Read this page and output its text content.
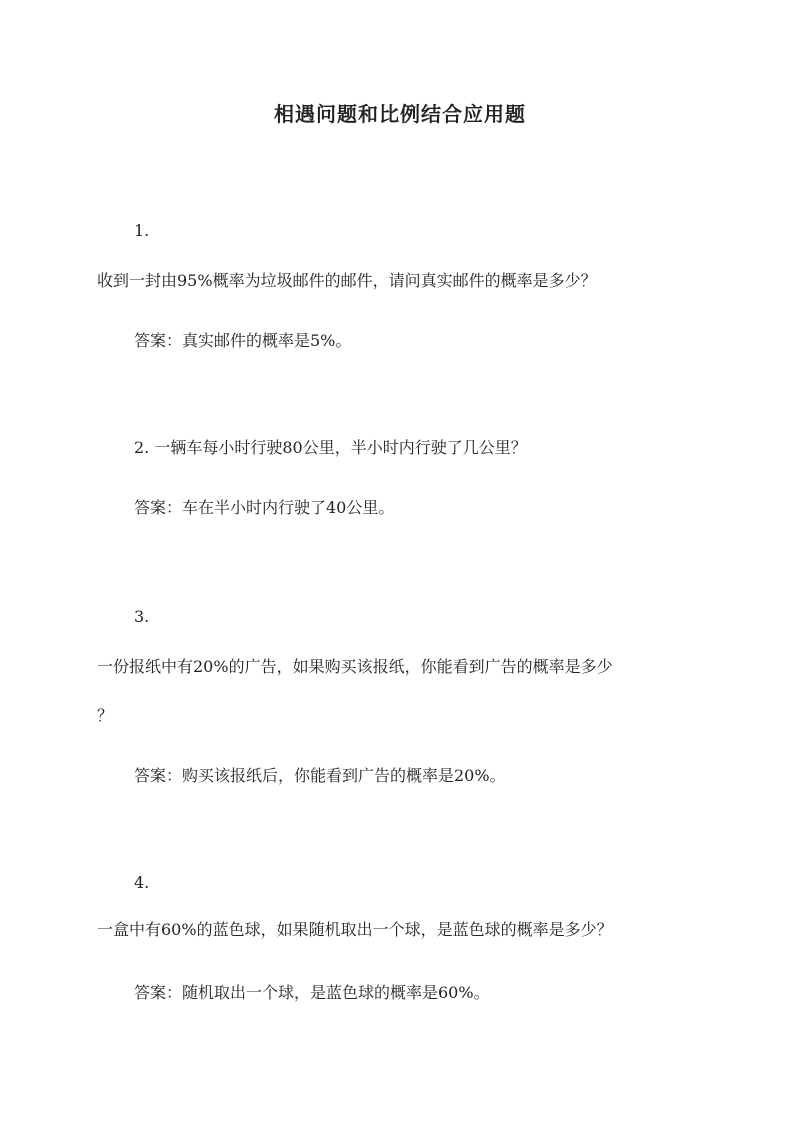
相遇问题和比例结合应用题
1.
收到一封由95%概率为垃圾邮件的邮件，请问真实邮件的概率是多少？
答案：真实邮件的概率是5%。
2. 一辆车每小时行驶80公里，半小时内行驶了几公里？
答案：车在半小时内行驶了40公里。
3.
一份报纸中有20%的广告，如果购买该报纸，你能看到广告的概率是多少
？
答案：购买该报纸后，你能看到广告的概率是20%。
4.
一盒中有60%的蓝色球，如果随机取出一个球，是蓝色球的概率是多少？
答案：随机取出一个球，是蓝色球的概率是60%。
